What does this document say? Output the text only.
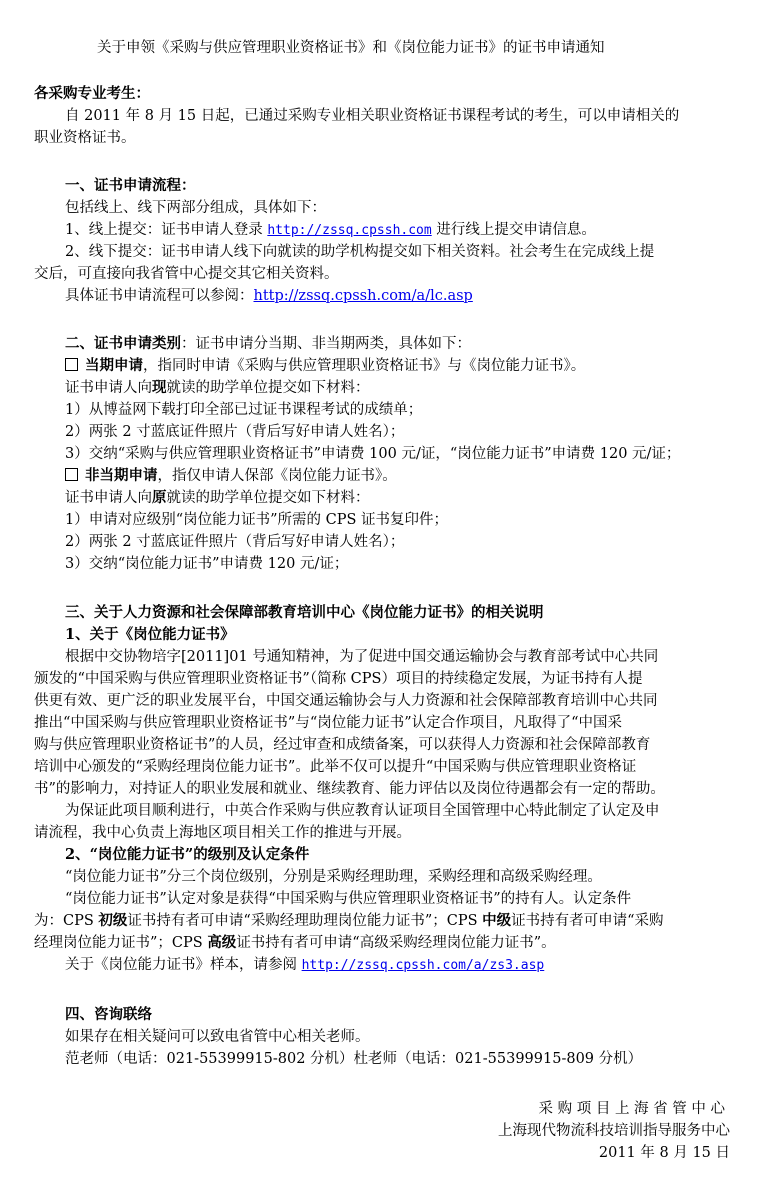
关于申领《采购与供应管理职业资格证书》和《岗位能力证书》的证书申请通知
各采购专业考生：
自 2011 年 8 月 15 日起，已通过采购专业相关职业资格证书课程考试的考生，可以申请相关的
职业资格证书。
一、证书申请流程：
包括线上、线下两部分组成，具体如下：
1、线上提交：证书申请人登录 http://zssq.cpssh.com 进行线上提交申请信息。
2、线下提交：证书申请人线下向就读的助学机构提交如下相关资料。社会考生在完成线上提
交后，可直接向我省管中心提交其它相关资料。
具体证书申请流程可以参阅：http://zssq.cpssh.com/a/lc.asp
二、证书申请类别：证书申请分当期、非当期两类，具体如下：
当期申请，指同时申请《采购与供应管理职业资格证书》与《岗位能力证书》。
证书申请人向现就读的助学单位提交如下材料：
1）从博益网下载打印全部已过证书课程考试的成绩单；
2）两张 2 寸蓝底证件照片（背后写好申请人姓名）；
3）交纳“采购与供应管理职业资格证书”申请费 100 元/证，“岗位能力证书”申请费 120 元/证；
非当期申请，指仅申请人保部《岗位能力证书》。
证书申请人向原就读的助学单位提交如下材料：
1）申请对应级别“岗位能力证书”所需的 CPS 证书复印件；
2）两张 2 寸蓝底证件照片（背后写好申请人姓名）；
3）交纳“岗位能力证书”申请费 120 元/证；
三、关于人力资源和社会保障部教育培训中心《岗位能力证书》的相关说明
1、关于《岗位能力证书》
根据中交协物培字[2011]01 号通知精神，为了促进中国交通运输协会与教育部考试中心共同
颁发的“中国采购与供应管理职业资格证书”（简称 CPS）项目的持续稳定发展，为证书持有人提
供更有效、更广泛的职业发展平台，中国交通运输协会与人力资源和社会保障部教育培训中心共同
推出“中国采购与供应管理职业资格证书”与“岗位能力证书”认定合作项目，凡取得了“中国采
购与供应管理职业资格证书”的人员，经过审查和成绩备案，可以获得人力资源和社会保障部教育
培训中心颁发的“采购经理岗位能力证书”。此举不仅可以提升“中国采购与供应管理职业资格证
书”的影响力，对持证人的职业发展和就业、继续教育、能力评估以及岗位待遇都会有一定的帮助。
为保证此项目顺利进行，中英合作采购与供应教育认证项目全国管理中心特此制定了认定及申
请流程，我中心负责上海地区项目相关工作的推进与开展。
2、“岗位能力证书”的级别及认定条件
“岗位能力证书”分三个岗位级别，分别是采购经理助理，采购经理和高级采购经理。
“岗位能力证书”认定对象是获得“中国采购与供应管理职业资格证书”的持有人。认定条件
为：CPS 初级证书持有者可申请“采购经理助理岗位能力证书”；CPS 中级证书持有者可申请“采购
经理岗位能力证书”；CPS 高级证书持有者可申请“高级采购经理岗位能力证书”。
关于《岗位能力证书》样本，请参阅 http://zssq.cpssh.com/a/zs3.asp
四、咨询联络
如果存在相关疑问可以致电省管中心相关老师。
范老师（电话：021-55399915-802 分机）杜老师（电话：021-55399915-809 分机）
采 购 项 目 上 海 省 管 中 心
上海现代物流科技培训指导服务中心
2011 年 8 月 15 日
